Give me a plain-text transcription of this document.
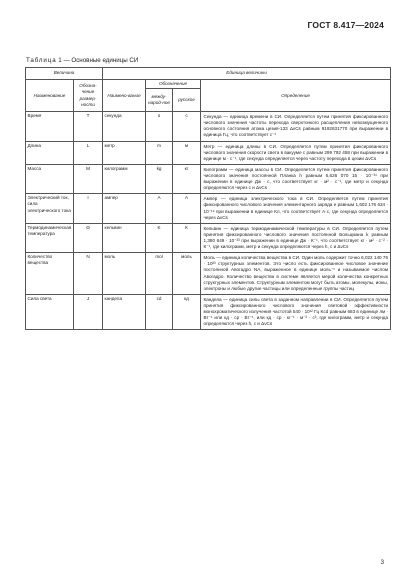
ГОСТ 8.417—2024
Таблица 1 — Основные единицы СИ
Величина		Единица величины			
Наименование	Обозна-чение размер-ности	Наимено-вание	Обозначение		Определение
			между-народ-ное	русское	
Время	T	секунда	s	с	Секунда — единица времени в СИ. Определяется путем принятия фиксированного числового значения частоты перехода сверхтонкого расщепления невозмущенного основного состояния атома цезия-133 ΔνCs равным 9192631770 при выражении в единица Гц, что соответствует с⁻¹
Длина	L	метр	m	м	Метр — единица длины в СИ. Определяется путем принятия фиксированного числового значения скорости света в вакууме с равным 299 792 458 при выражении в единице м · с⁻¹, где секунда определяется через частоту перехода в цезии ΔνCs
Масса	M	килограмм	kg	кг	Килограмм — единица массы в СИ. Определяется путем принятия фиксированного числового значения постоянной Планка h равным 6,626 070 15 · 10⁻³⁴ при выражении в единице Дж · с, что соответствует кг · м² · с⁻¹, где метр и секунда определяются через с и ΔνCs
Электрический ток, сила электрического тока	I	ампер	A	А	Ампер — единица электрического тока в СИ. Определяется путем принятия фиксированного числового значения элементарного заряда е равным 1,602 176 634 · 10⁻¹⁹ при выражении в единице Кл, что соответствует А·с, где секунда определяется через ΔνCs
Термодинамическая температура	Θ	кельвин	K	К	Кельвин — единица термодинамической температуры в СИ. Определяется путем принятия фиксированного числового значения постоянной Больцмана k равным 1,380 649 · 10⁻²³ при выражении в единице Дж · К⁻¹, что соответствует кг · м² · с⁻² · К⁻¹, где килограмм, метр и секунда определяются через h, с и ΔνCs
Количество вещества	N	моль	mol	моль	Моль — единица количества вещества в СИ. Один моль содержит точно 6,022 140 76 · 10²³ структурных элементов. Это число есть фиксированное числовое значение постоянной Авогадро NA, выраженное в единице моль⁻¹ и называемое числом Авогадро. Количество вещества в системе является мерой количества конкретных структурных элементов. Структурным элементом могут быть атомы, молекулы, ионы, электроны и любые другие частицы или определенные группы частиц
Сила света	J	кандела	cd	кд	Кандела — единица силы света в заданном направлении в СИ. Определяется путем принятия фиксированного числового значения световой эффективности монохроматического излучения частотой 540 · 10¹² Гц Kcd равным 683 в единице лм · Вт⁻¹ или кд · ср · Вт⁻¹, или кд · ср · кг⁻¹ · м⁻² · с³, где килограмм, метр и секунда определяются через h, с и ΔνCs
3
